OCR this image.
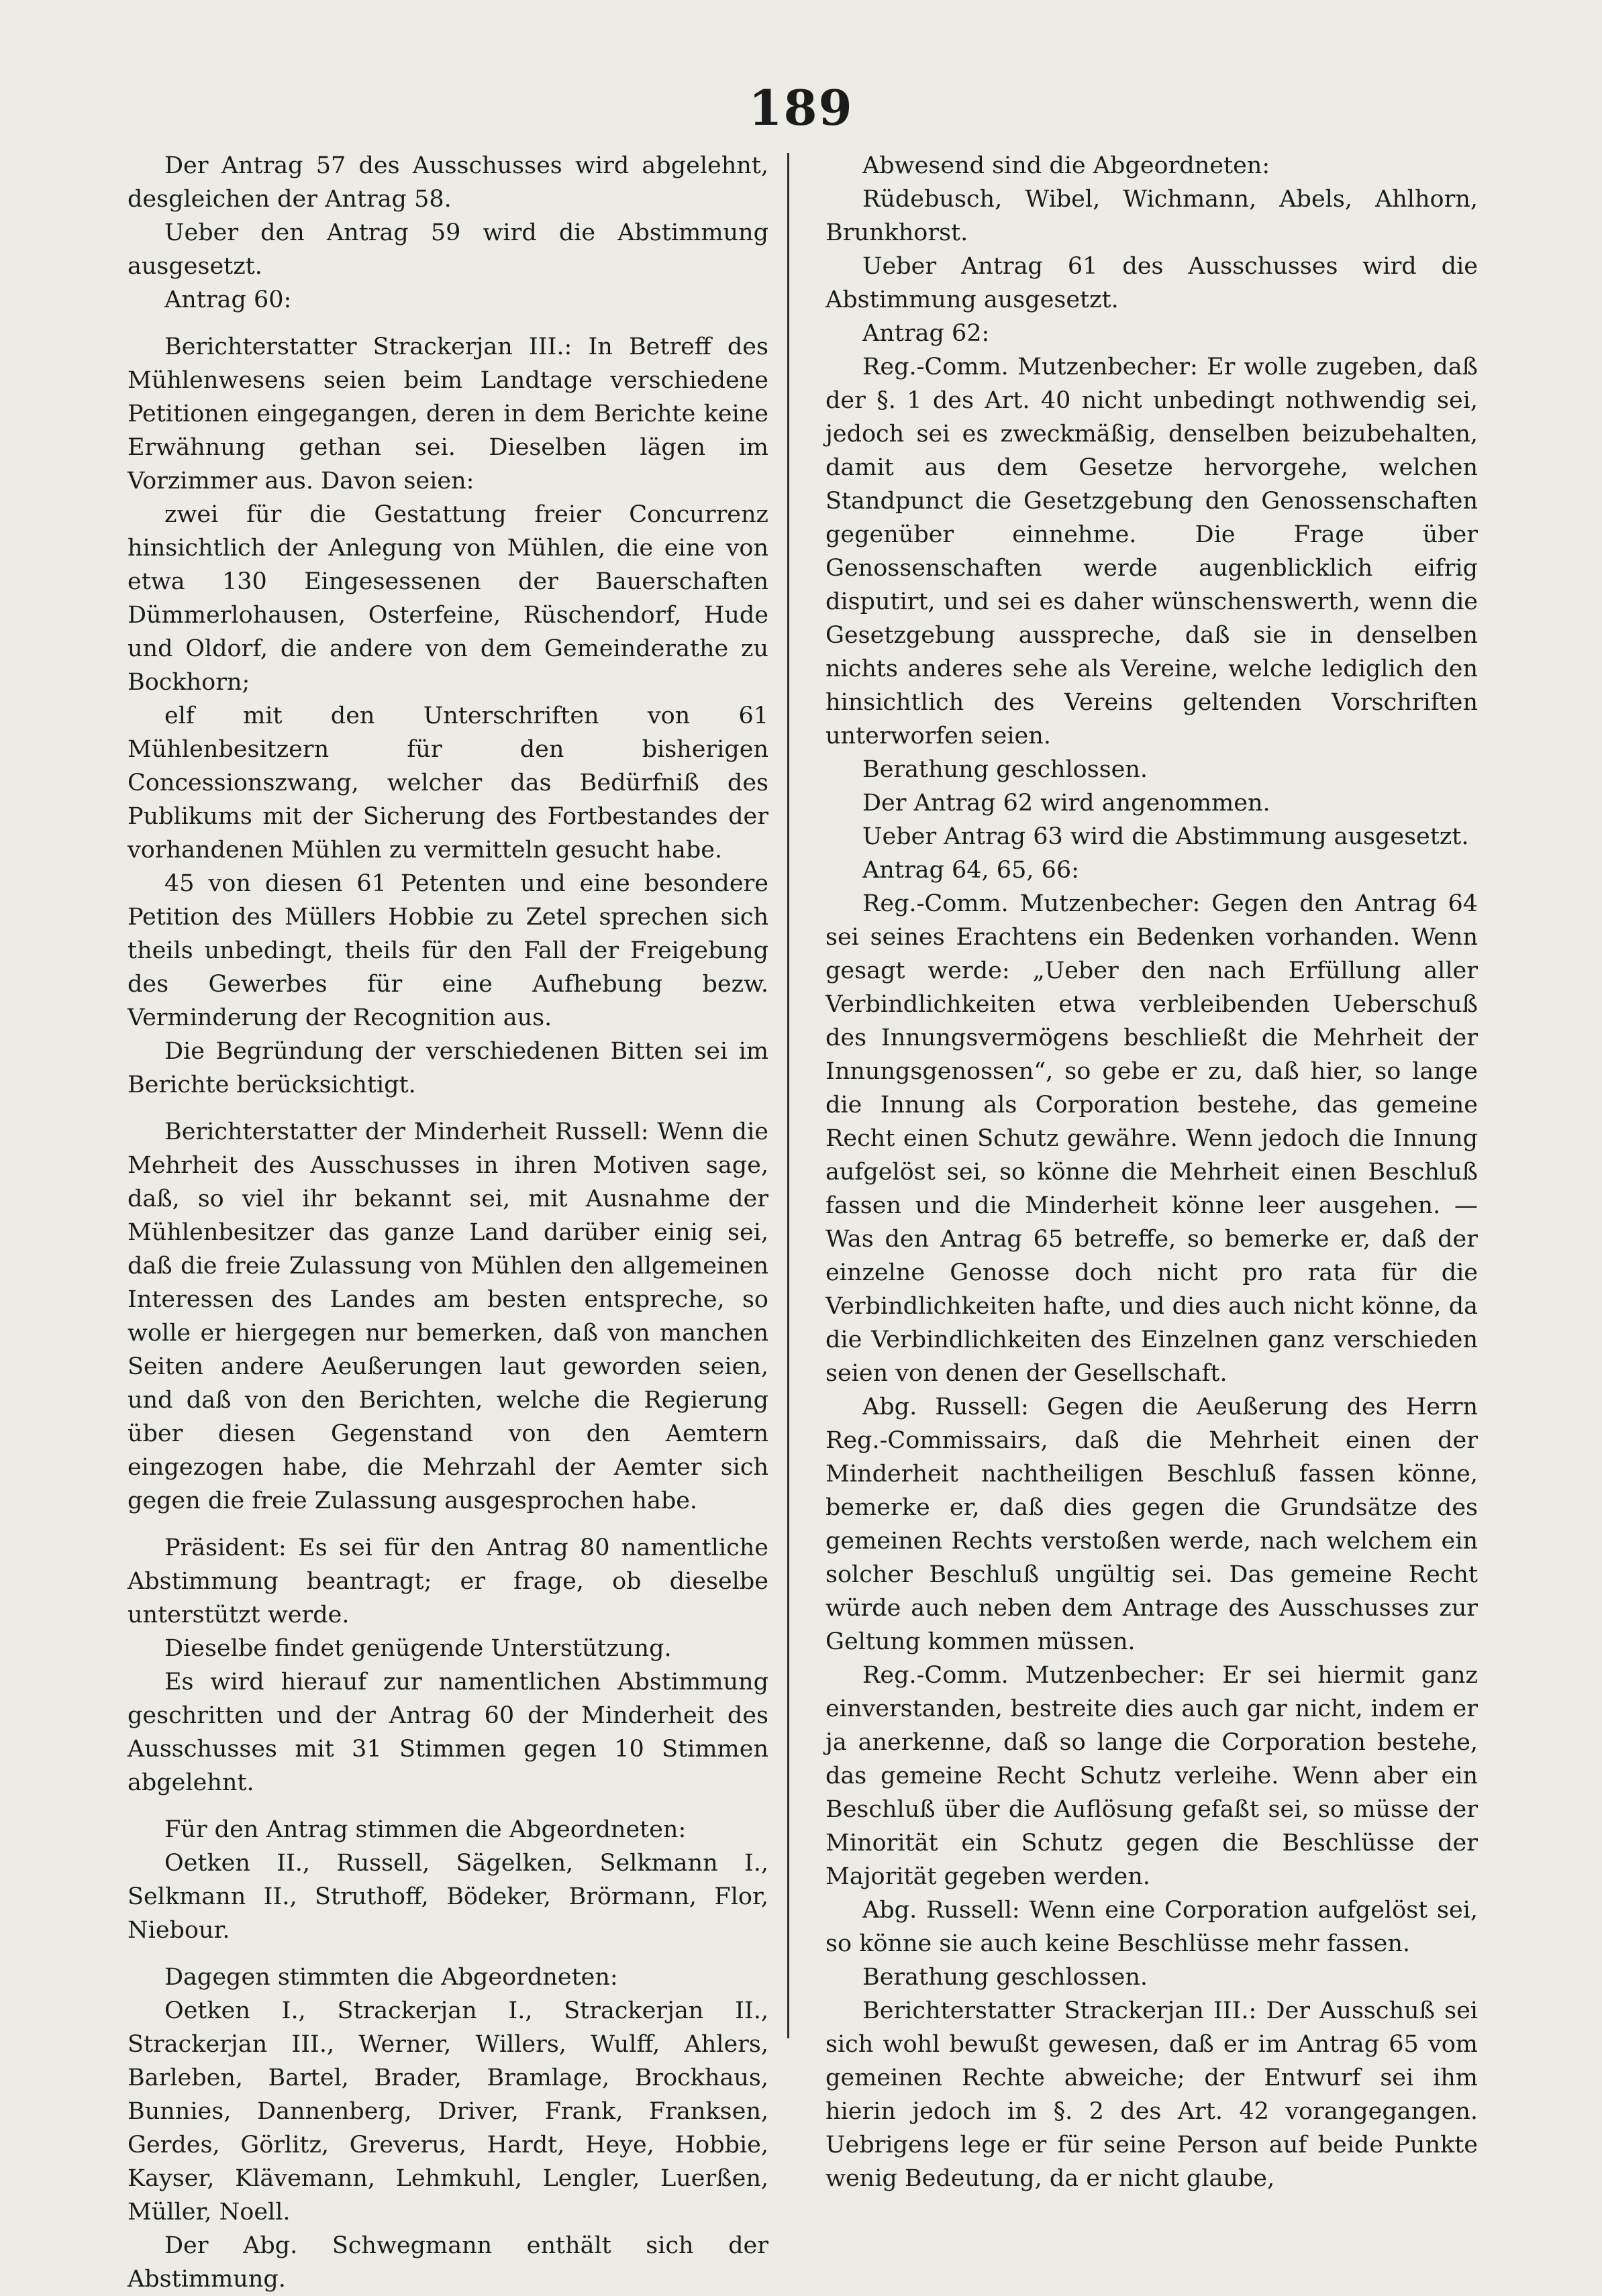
189

Der Antrag 57 des Ausschusses wird abgelehnt, desgleichen der Antrag 58.

Ueber den Antrag 59 wird die Abstimmung ausgesetzt.

Antrag 60:

Berichterstatter Strackerjan III.: In Betreff des Mühlenwesens seien beim Landtage verschiedene Petitionen eingegangen, deren in dem Berichte keine Erwähnung gethan sei. Dieselben lägen im Vorzimmer aus. Davon seien:

zwei für die Gestattung freier Concurrenz hinsichtlich der Anlegung von Mühlen, die eine von etwa 130 Eingesessenen der Bauerschaften Dümmerlohausen, Osterfeine, Rüschendorf, Hude und Oldorf, die andere von dem Gemeinderathe zu Bockhorn;

elf mit den Unterschriften von 61 Mühlenbesitzern für den bisherigen Concessionszwang, welcher das Bedürfniß des Publikums mit der Sicherung des Fortbestandes der vorhandenen Mühlen zu vermitteln gesucht habe.

45 von diesen 61 Petenten und eine besondere Petition des Müllers Hobbie zu Zetel sprechen sich theils unbedingt, theils für den Fall der Freigebung des Gewerbes für eine Aufhebung bezw. Verminderung der Recognition aus.

Die Begründung der verschiedenen Bitten sei im Berichte berücksichtigt.

Berichterstatter der Minderheit Russell: Wenn die Mehrheit des Ausschusses in ihren Motiven sage, daß, so viel ihr bekannt sei, mit Ausnahme der Mühlenbesitzer das ganze Land darüber einig sei, daß die freie Zulassung von Mühlen den allgemeinen Interessen des Landes am besten entspreche, so wolle er hiergegen nur bemerken, daß von manchen Seiten andere Aeußerungen laut geworden seien, und daß von den Berichten, welche die Regierung über diesen Gegenstand von den Aemtern eingezogen habe, die Mehrzahl der Aemter sich gegen die freie Zulassung ausgesprochen habe.

Präsident: Es sei für den Antrag 80 namentliche Abstimmung beantragt; er frage, ob dieselbe unterstützt werde.

Dieselbe findet genügende Unterstützung.

Es wird hierauf zur namentlichen Abstimmung geschritten und der Antrag 60 der Minderheit des Ausschusses mit 31 Stimmen gegen 10 Stimmen abgelehnt.

Für den Antrag stimmen die Abgeordneten:

Oetken II., Russell, Sägelken, Selkmann I., Selkmann II., Struthoff, Bödeker, Brörmann, Flor, Niebour.

Dagegen stimmten die Abgeordneten:

Oetken I., Strackerjan I., Strackerjan II., Strackerjan III., Werner, Willers, Wulff, Ahlers, Barleben, Bartel, Brader, Bramlage, Brockhaus, Bunnies, Dannenberg, Driver, Frank, Franksen, Gerdes, Görlitz, Greverus, Hardt, Heye, Hobbie, Kayser, Klävemann, Lehmkuhl, Lengler, Luerßen, Müller, Noell.

Der Abg. Schwegmann enthält sich der Abstimmung.

Abwesend sind die Abgeordneten:

Rüdebusch, Wibel, Wichmann, Abels, Ahlhorn, Brunkhorst.

Ueber Antrag 61 des Ausschusses wird die Abstimmung ausgesetzt.

Antrag 62:

Reg.-Comm. Mutzenbecher: Er wolle zugeben, daß der §. 1 des Art. 40 nicht unbedingt nothwendig sei, jedoch sei es zweckmäßig, denselben beizubehalten, damit aus dem Gesetze hervorgehe, welchen Standpunct die Gesetzgebung den Genossenschaften gegenüber einnehme. Die Frage über Genossenschaften werde augenblicklich eifrig disputirt, und sei es daher wünschenswerth, wenn die Gesetzgebung ausspreche, daß sie in denselben nichts anderes sehe als Vereine, welche lediglich den hinsichtlich des Vereins geltenden Vorschriften unterworfen seien.

Berathung geschlossen.

Der Antrag 62 wird angenommen.

Ueber Antrag 63 wird die Abstimmung ausgesetzt.

Antrag 64, 65, 66:

Reg.-Comm. Mutzenbecher: Gegen den Antrag 64 sei seines Erachtens ein Bedenken vorhanden. Wenn gesagt werde: „Ueber den nach Erfüllung aller Verbindlichkeiten etwa verbleibenden Ueberschuß des Innungsvermögens beschließt die Mehrheit der Innungsgenossen“, so gebe er zu, daß hier, so lange die Innung als Corporation bestehe, das gemeine Recht einen Schutz gewähre. Wenn jedoch die Innung aufgelöst sei, so könne die Mehrheit einen Beschluß fassen und die Minderheit könne leer ausgehen. — Was den Antrag 65 betreffe, so bemerke er, daß der einzelne Genosse doch nicht pro rata für die Verbindlichkeiten hafte, und dies auch nicht könne, da die Verbindlichkeiten des Einzelnen ganz verschieden seien von denen der Gesellschaft.

Abg. Russell: Gegen die Aeußerung des Herrn Reg.-Commissairs, daß die Mehrheit einen der Minderheit nachtheiligen Beschluß fassen könne, bemerke er, daß dies gegen die Grundsätze des gemeinen Rechts verstoßen werde, nach welchem ein solcher Beschluß ungültig sei. Das gemeine Recht würde auch neben dem Antrage des Ausschusses zur Geltung kommen müssen.

Reg.-Comm. Mutzenbecher: Er sei hiermit ganz einverstanden, bestreite dies auch gar nicht, indem er ja anerkenne, daß so lange die Corporation bestehe, das gemeine Recht Schutz verleihe. Wenn aber ein Beschluß über die Auflösung gefaßt sei, so müsse der Minorität ein Schutz gegen die Beschlüsse der Majorität gegeben werden.

Abg. Russell: Wenn eine Corporation aufgelöst sei, so könne sie auch keine Beschlüsse mehr fassen.

Berathung geschlossen.

Berichterstatter Strackerjan III.: Der Ausschuß sei sich wohl bewußt gewesen, daß er im Antrag 65 vom gemeinen Rechte abweiche; der Entwurf sei ihm hierin jedoch im §. 2 des Art. 42 vorangegangen. Uebrigens lege er für seine Person auf beide Punkte wenig Bedeutung, da er nicht glaube,
